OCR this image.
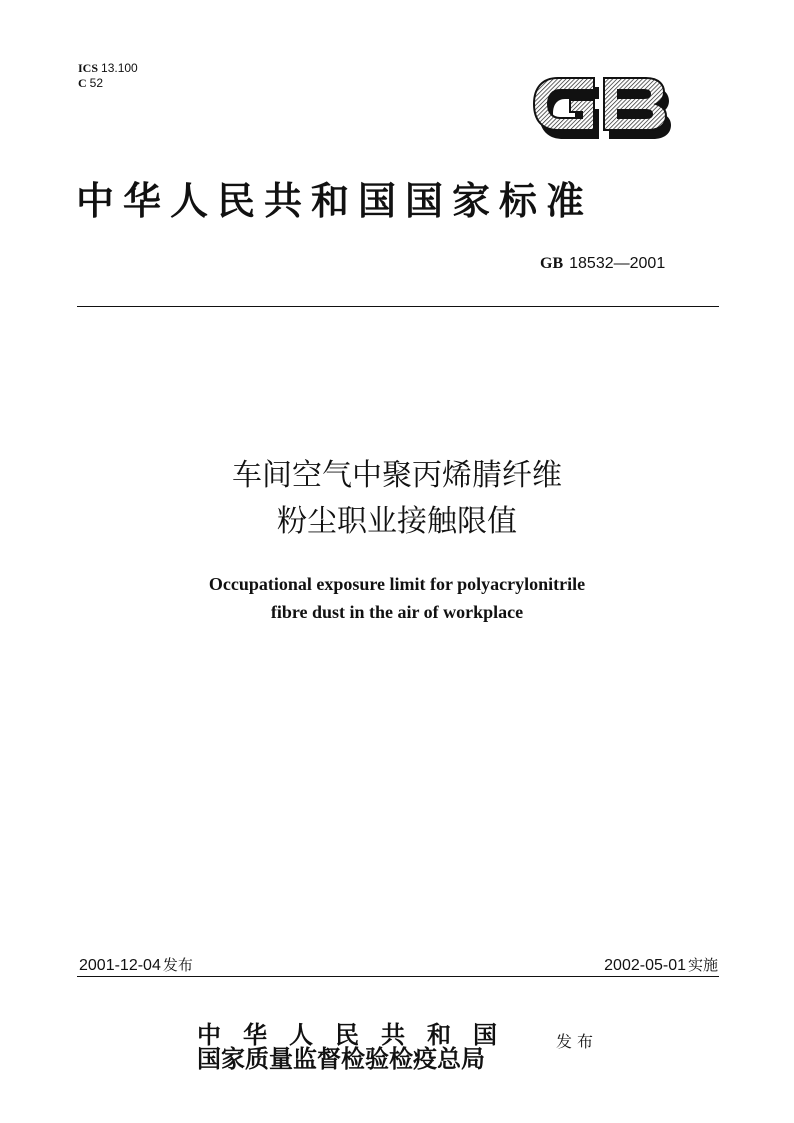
ICS 13.100
C 52
中华人民共和国国家标准
GB 18532—2001
车间空气中聚丙烯腈纤维
粉尘职业接触限值
Occupational exposure limit for polyacrylonitrile
fibre dust in the air of workplace
2001-12-04 发布	2002-05-01 实施
中华人民共和国
国家质量监督检验检疫总局
发布
